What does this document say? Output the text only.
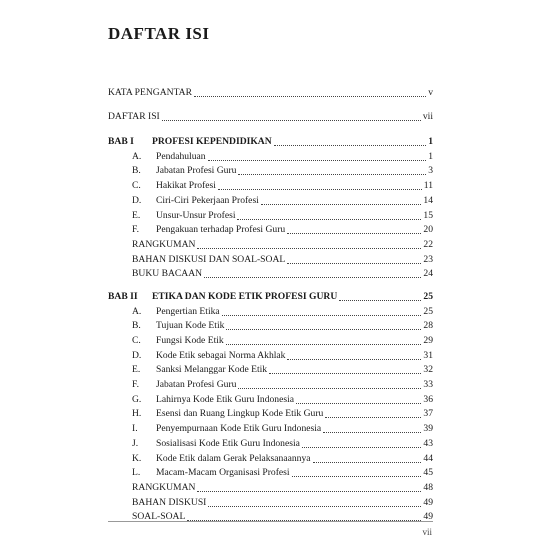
DAFTAR ISI
KATA PENGANTAR	v
DAFTAR ISI	vii
BAB I	PROFESI KEPENDIDIKAN	1
A.	Pendahuluan	1
B.	Jabatan Profesi Guru	3
C.	Hakikat Profesi	11
D.	Ciri-Ciri Pekerjaan Profesi	14
E.	Unsur-Unsur Profesi	15
F.	Pengakuan terhadap Profesi Guru	20
RANGKUMAN	22
BAHAN DISKUSI DAN SOAL-SOAL	23
BUKU BACAAN	24
BAB II	ETIKA DAN KODE ETIK PROFESI GURU	25
A.	Pengertian Etika	25
B.	Tujuan Kode Etik	28
C.	Fungsi Kode Etik	29
D.	Kode Etik sebagai Norma Akhlak	31
E.	Sanksi Melanggar Kode Etik	32
F.	Jabatan Profesi Guru	33
G.	Lahirnya Kode Etik Guru Indonesia	36
H.	Esensi dan Ruang Lingkup Kode Etik Guru	37
I.	Penyempurnaan Kode Etik Guru Indonesia	39
J.	Sosialisasi Kode Etik Guru Indonesia	43
K.	Kode Etik dalam Gerak Pelaksanaannya	44
L.	Macam-Macam Organisasi Profesi	45
RANGKUMAN	48
BAHAN DISKUSI	49
SOAL-SOAL	49
vii
